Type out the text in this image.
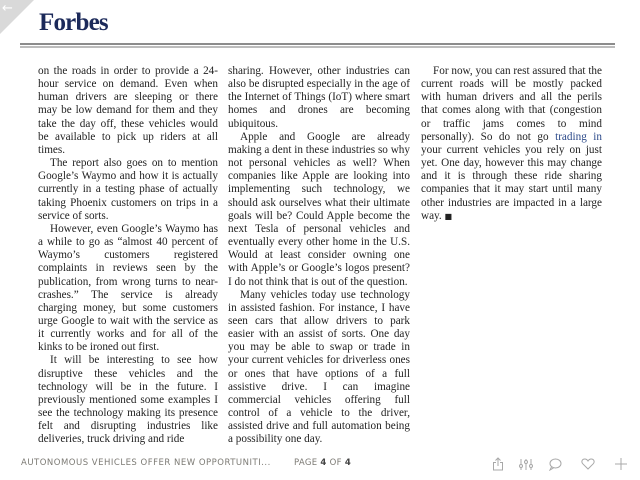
←
Forbes

on the roads in order to provide a 24-hour service on demand. Even when human drivers are sleeping or there may be low demand for them and they take the day off, these vehicles would be available to pick up riders at all times.

The report also goes on to mention Google’s Waymo and how it is actually currently in a testing phase of actually taking Phoenix customers on trips in a service of sorts.

However, even Google’s Waymo has a while to go as “almost 40 percent of Waymo’s customers registered complaints in reviews seen by the publication, from wrong turns to near-crashes.” The service is already charging money, but some customers urge Google to wait with the service as it currently works and for all of the kinks to be ironed out first.

It will be interesting to see how disruptive these vehicles and the technology will be in the future. I previously mentioned some examples I see the technology making its presence felt and disrupting industries like deliveries, truck driving and ride

sharing. However, other industries can also be disrupted especially in the age of the Internet of Things (IoT) where smart homes and drones are becoming ubiquitous.

Apple and Google are already making a dent in these industries so why not personal vehicles as well? When companies like Apple are looking into implementing such technology, we should ask ourselves what their ultimate goals will be? Could Apple become the next Tesla of personal vehicles and eventually every other home in the U.S. Would at least consider owning one with Apple’s or Google’s logos present? I do not think that is out of the question.

Many vehicles today use technology in assisted fashion. For instance, I have seen cars that allow drivers to park easier with an assist of sorts. One day you may be able to swap or trade in your current vehicles for driverless ones or ones that have options of a full assistive drive. I can imagine commercial vehicles offering full control of a vehicle to the driver, assisted drive and full automation being a possibility one day.

For now, you can rest assured that the current roads will be mostly packed with human drivers and all the perils that comes along with that (congestion or traffic jams comes to mind personally). So do not go trading in your current vehicles you rely on just yet. One day, however this may change and it is through these ride sharing companies that it may start until many other industries are impacted in a large way. ■

AUTONOMOUS VEHICLES OFFER NEW OPPORTUNITI...	PAGE 4 OF 4
